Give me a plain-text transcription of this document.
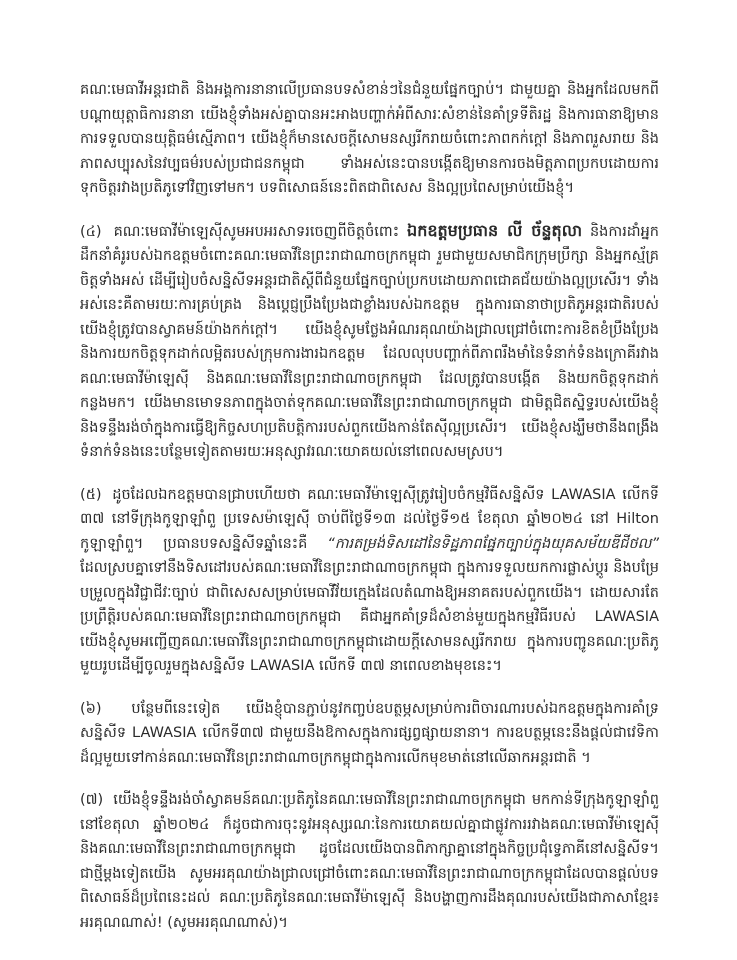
គណៈមេធាវីអន្តរជាតិ និងអង្គការនានាលើប្រធានបទសំខាន់ៗនៃជំនួយផ្នែកច្បាប់។ ជាមួយគ្នា និងអ្នកដែលមកពីបណ្ដាយុត្តាធិការនានា យើងខ្ញុំទាំងអស់គ្នាបានអះអាងបញ្ហាក់អំពីសារៈសំខាន់នៃគាំទ្រទីតិរដ្ឋ និងការធានាឱ្យមានការទទួលបានយុត្តិធម៌ស្មើភាព។ យើងខ្ញុំក៏មានសេចក្តីសោមនស្សរីករាយចំពោះភាពកក់ក្ដៅ និងភាពរួសរាយ និងភាពសប្បុរសនៃវប្បធម៌របស់ប្រជាជនកម្ពុជា ទាំងអស់នេះបានបង្កើតឱ្យមានការចងមិត្តភាពប្រកបដោយការទុកចិត្តរវាងប្រតិភូទៅវិញទៅមក។ បទពិសោធន៍នេះពិតជាពិសេស និងល្អប្រពៃសម្រាប់យើងខ្ញុំ។

(៤) គណៈមេធាវីម៉ាឡេស៊ីសូមអបអរសាទរចេញពីចិត្តចំពោះ ឯកឧត្តមប្រធាន លី ច័ន្ទតុលា និងការដាំអ្នកដឹកនាំគំរូរបស់ឯកឧត្តមចំពោះគណៈមេធាវីនៃព្រះរាជាណាចក្រកម្ពុជា រួមជាមួយសមាជិកក្រុមប្រឹក្សា និងអ្នកស្ម័គ្រចិត្តទាំងអស់ ដើម្បីរៀបចំសន្និសីទអន្តរជាតិស្តីពីជំនួយផ្នែកច្បាប់ប្រកបដោយភាពជោគជ័យយ៉ាងល្អប្រសើរ។ ទាំងអស់នេះគឺតាមរយៈការគ្រប់គ្រង និងប្តេជ្ញប្រឹងប្រែងជាខ្លាំងរបស់ឯកឧត្តម ក្នុងការធានាថាប្រតិភូអន្តរជាតិរបស់យើងខ្ញុំត្រូវបានស្វាគមន៍យ៉ាងកក់ក្ដៅ។ យើងខ្ញុំសូមថ្លែងអំណរគុណយ៉ាងជ្រាលជ្រៅចំពោះការខិតខំប្រឹងប្រែង និងការយកចិត្តទុកដាក់លម្អិតរបស់ក្រុមការងារឯកឧត្តម ដែលលុបបញ្ហាក់ពីភាពរឹងមាំនៃទំនាក់ទំនងក្រោគីរវាងគណៈមេធាវីម៉ាឡេស៊ី និងគណៈមេធាវីនៃព្រះរាជាណាចក្រកម្ពុជា ដែលត្រូវបានបង្កើត និងយកចិត្តទុកដាក់កន្លងមក។ យើងមានមោទនភាពក្នុងចាត់ទុកគណៈមេធាវីនៃព្រះរាជាណាចក្រកម្ពុជា ជាមិត្តជិតស្និទ្ធរបស់យើងខ្ញុំ និងទន្ទឹងរង់ចាំក្នុងការធ្វើឱ្យកិច្ចសហប្រតិបត្តិការរបស់ពួកយើងកាន់តែស៊ីល្អប្រសើរ។ យើងខ្ញុំសង្ឃឹមថានឹងពង្រឹងទំនាក់ទំនងនេះបន្ថែមទៀតតាមរយៈអនុស្សាវរណៈយោគយល់នៅពេលសមស្រប។

(៥) ដូចដែលឯកឧត្តមបានជ្រាបហើយថា គណៈមេធាវីម៉ាឡេស៊ីត្រូវរៀបចំកម្មវិធីសន្និសីទ LAWASIA លើកទី ៣៧ នៅទីក្រុងកូឡាឡាំពួ ប្រទេសម៉ាឡេស៊ី ចាប់ពីថ្ងៃទី១៣ ដល់ថ្ងៃទី១៥ ខែតុលា ឆ្នាំ២០២៤ នៅ Hilton កូឡាឡាំពួ។ ប្រធានបទសន្និសីទឆ្នាំនេះគឺ “ការតម្រង់ទិសដៅនៃទិដ្ឋភាពផ្នែកច្បាប់ក្នុងយុគសម័យឌីជីថល” ដែលស្របគ្នាទៅនឹងទិសដៅរបស់គណៈមេធាវីនៃព្រះរាជាណាចក្រកម្ពុជា ក្នុងការទទួលយកការផ្លាស់ប្តូរ និងបម្រែបម្រួលក្នុងវិជ្ជាជីវៈច្បាប់ ជាពិសេសសម្រាប់មេធាវីវ័យក្មេងដែលតំណាងឱ្យអនាគតរបស់ពួកយើង។ ដោយសារតែប្រព្រឹត្តិរបស់គណៈមេធាវីនៃព្រះរាជាណាចក្រកម្ពុជា គឺជាអ្នកគាំទ្រដ៏សំខាន់មួយក្នុងកម្មវិធីរបស់ LAWASIA យើងខ្ញុំសូមអញ្ជើញគណៈមេធាវីនៃព្រះរាជាណាចក្រកម្ពុជាដោយក្តីសោមនស្សរីករាយ ក្នុងការបញ្ជូនគណៈប្រតិភូមួយរូបដើម្បីចូលរួមក្នុងសន្និសីទ LAWASIA លើកទី ៣៧ នាពេលខាងមុខនេះ។

(៦) បន្ថែមពីនេះទៀត យើងខ្ញុំបានភ្ជាប់នូវកញ្ចប់ឧបត្ថម្ភសម្រាប់ការពិចារណារបស់ឯកឧត្តមក្នុងការគាំទ្រសន្និសីទ LAWASIA លើកទី៣៧ ជាមួយនឹងឱកាសក្នុងការផ្សព្វផ្សាយនានា។ ការឧបត្ថម្ភនេះនឹងផ្តល់ជាវេទិកាដ៏ល្អមួយទៅកាន់គណៈមេធាវីនៃព្រះរាជាណាចក្រកម្ពុជាក្នុងការលើកមុខមាត់នៅលើឆាកអន្តរជាតិ ។

(៧) យើងខ្ញុំទន្ទឹងរង់ចាំស្វាគមន៍គណៈប្រតិភូនៃគណៈមេធាវីនៃព្រះរាជាណាចក្រកម្ពុជា មកកាន់ទីក្រុងកូឡាឡាំពួនៅខែតុលា ឆ្នាំ២០២៤ ក៏ដូចជាការចុះនូវអនុស្សរណៈនៃការយោគយល់គ្នាជាផ្លូវការរវាងគណៈមេធាវីម៉ាឡេស៊ី និងគណៈមេធាវីនៃព្រះរាជាណាចក្រកម្ពុជា ដូចដែលយើងបានពិភាក្សាគ្នានៅក្នុងកិច្ចប្រជុំទ្វេភាគីនៅសន្និសីទ។ ជាថ្មីម្តងទៀតយើង សូមអរគុណយ៉ាងជ្រាលជ្រៅចំពោះគណៈមេធាវីនៃព្រះរាជាណាចក្រកម្ពុជាដែលបានផ្តល់បទពិសោធន៍ដ៏ប្រពៃនេះដល់ គណៈប្រតិភូនៃគណៈមេធាវីម៉ាឡេស៊ី និងបង្ហាញការដឹងគុណរបស់យើងជាភាសាខ្មែរ៖ អរគុណណាស់! (សូមអរគុណណាស់)។
